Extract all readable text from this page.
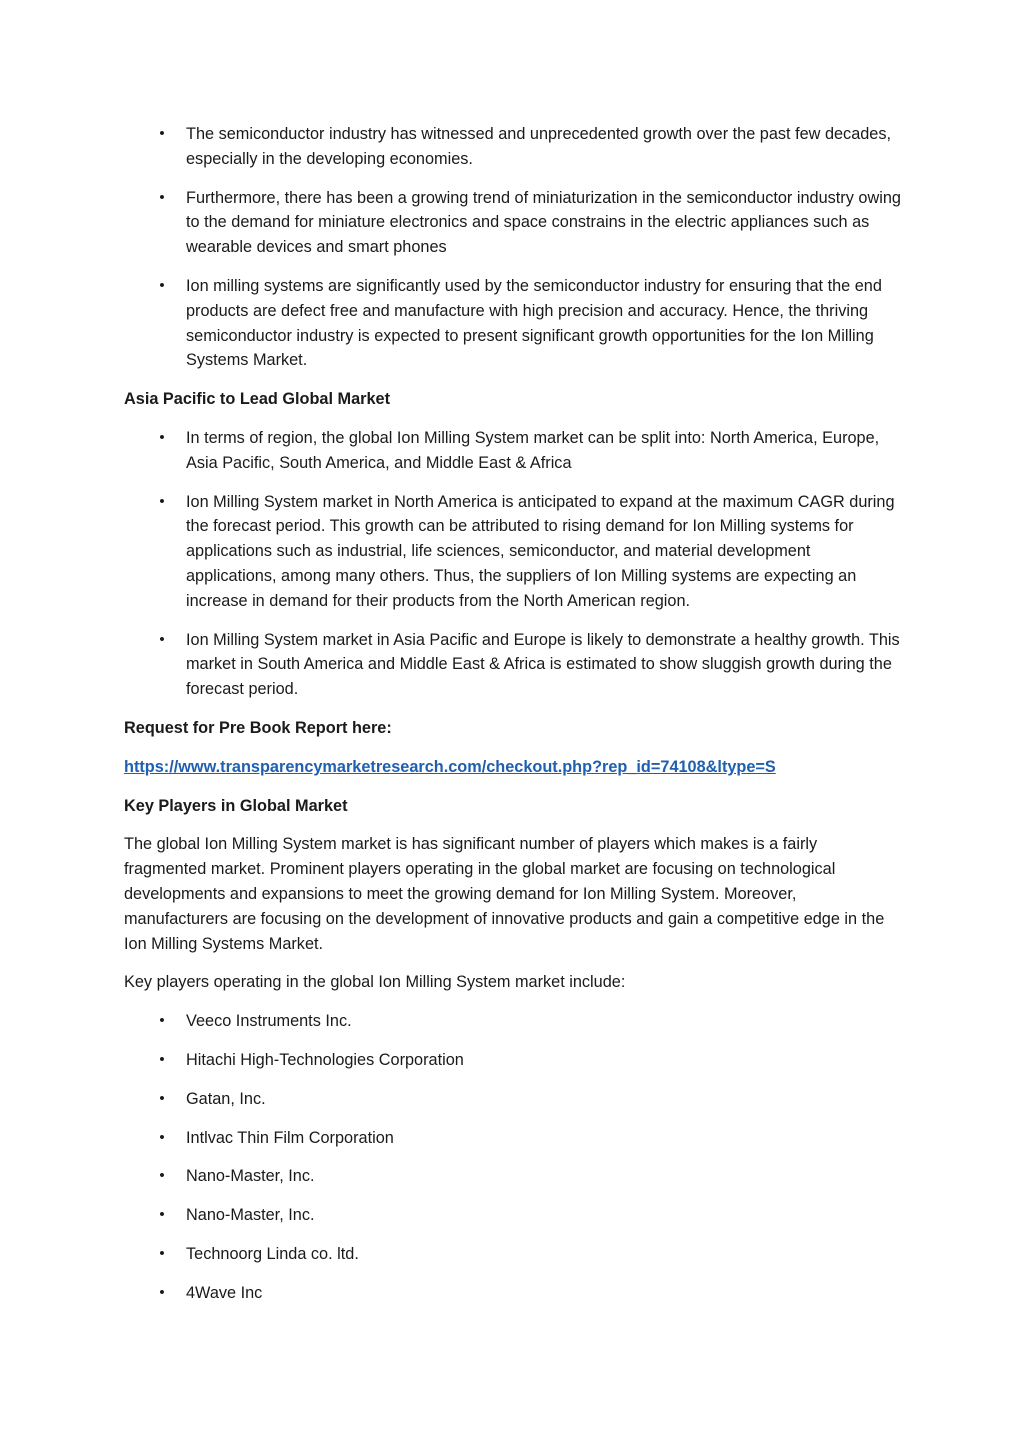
• The semiconductor industry has witnessed and unprecedented growth over the past few decades, especially in the developing economies.
• Furthermore, there has been a growing trend of miniaturization in the semiconductor industry owing to the demand for miniature electronics and space constrains in the electric appliances such as wearable devices and smart phones
• Ion milling systems are significantly used by the semiconductor industry for ensuring that the end products are defect free and manufacture with high precision and accuracy. Hence, the thriving semiconductor industry is expected to present significant growth opportunities for the Ion Milling Systems Market.
Asia Pacific to Lead Global Market
• In terms of region, the global Ion Milling System market can be split into: North America, Europe, Asia Pacific, South America, and Middle East & Africa
• Ion Milling System market in North America is anticipated to expand at the maximum CAGR during the forecast period. This growth can be attributed to rising demand for Ion Milling systems for applications such as industrial, life sciences, semiconductor, and material development applications, among many others. Thus, the suppliers of Ion Milling systems are expecting an increase in demand for their products from the North American region.
• Ion Milling System market in Asia Pacific and Europe is likely to demonstrate a healthy growth. This market in South America and Middle East & Africa is estimated to show sluggish growth during the forecast period.
Request for Pre Book Report here:
https://www.transparencymarketresearch.com/checkout.php?rep_id=74108&ltype=S
Key Players in Global Market
The global Ion Milling System market is has significant number of players which makes is a fairly fragmented market. Prominent players operating in the global market are focusing on technological developments and expansions to meet the growing demand for Ion Milling System. Moreover, manufacturers are focusing on the development of innovative products and gain a competitive edge in the Ion Milling Systems Market.
Key players operating in the global Ion Milling System market include:
• Veeco Instruments Inc.
• Hitachi High-Technologies Corporation
• Gatan, Inc.
• Intlvac Thin Film Corporation
• Nano-Master, Inc.
• Nano-Master, Inc.
• Technoorg Linda co. ltd.
• 4Wave Inc
